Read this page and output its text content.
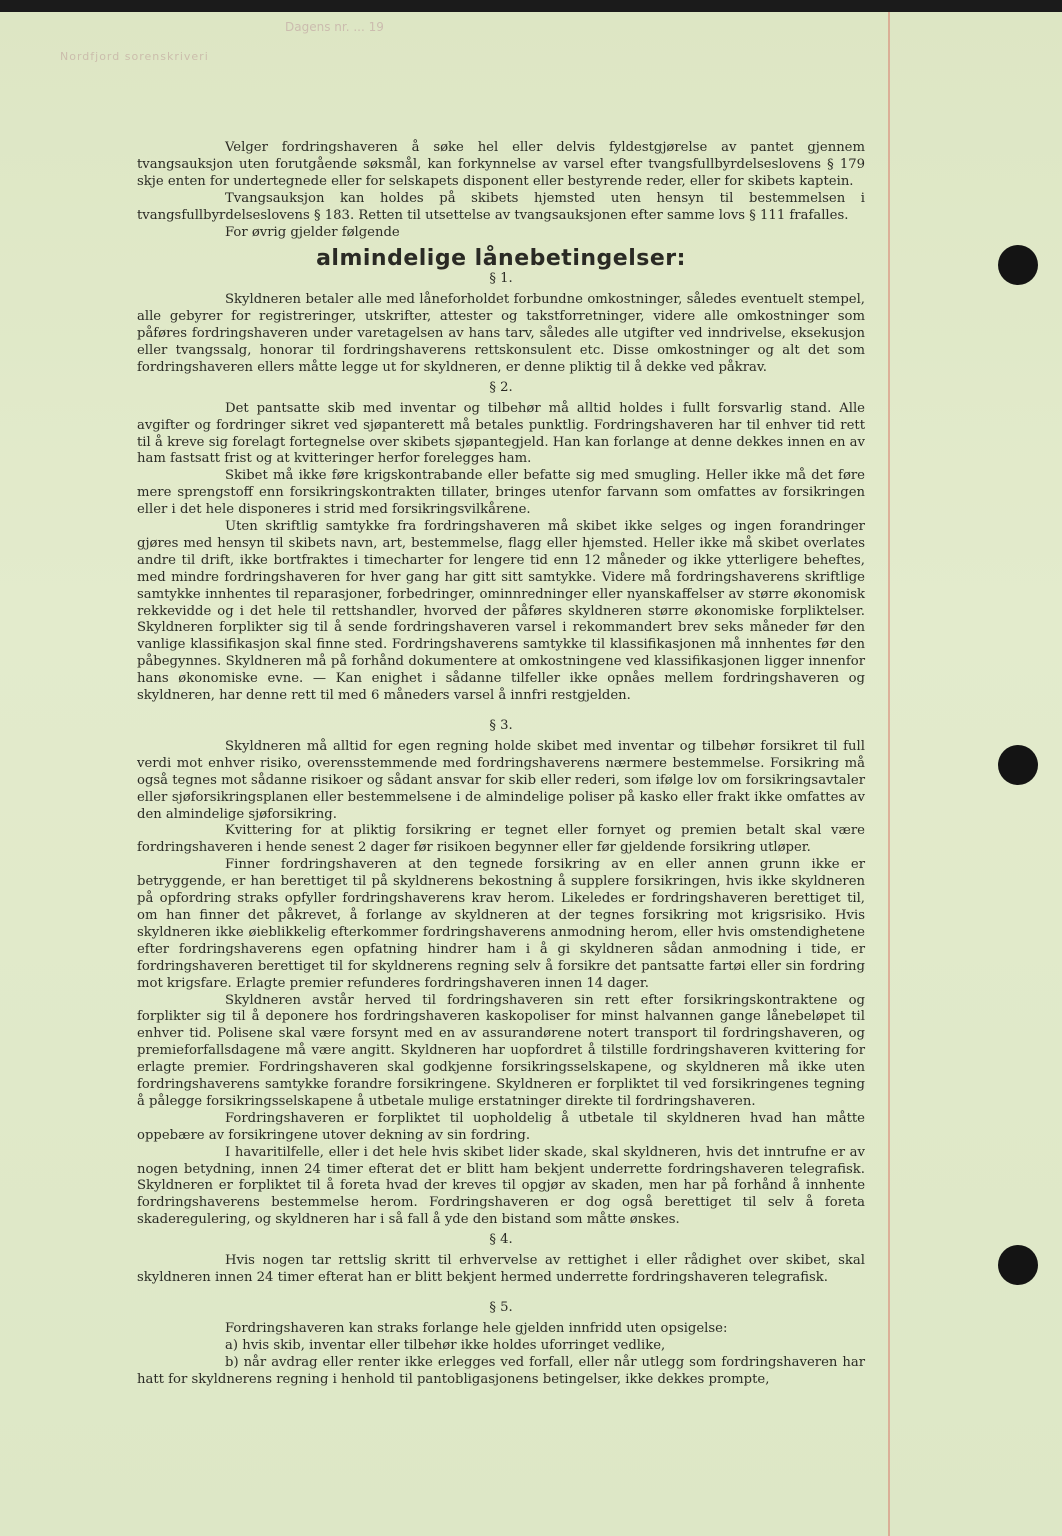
Dagens nr. ... 19
Nordfjord sorenskriveri

Velger fordringshaveren å søke hel eller delvis fyldestgjørelse av pantet gjennem tvangsauksjon uten forutgående søksmål, kan forkynnelse av varsel efter tvangsfullbyrdelseslovens § 179 skje enten for undertegnede eller for selskapets disponent eller bestyrende reder, eller for skibets kaptein.

Tvangsauksjon kan holdes på skibets hjemsted uten hensyn til bestemmelsen i tvangsfullbyrdelseslovens § 183. Retten til utsettelse av tvangsauksjonen efter samme lovs § 111 frafalles.

For øvrig gjelder følgende

almindelige lånebetingelser:
§ 1.

Skyldneren betaler alle med låneforholdet forbundne omkostninger, således eventuelt stempel, alle gebyrer for registreringer, utskrifter, attester og takstforretninger, videre alle omkostninger som påføres fordringshaveren under varetagelsen av hans tarv, således alle utgifter ved inndrivelse, eksekusjon eller tvangssalg, honorar til fordringshaverens rettskonsulent etc. Disse omkostninger og alt det som fordringshaveren ellers måtte legge ut for skyldneren, er denne pliktig til å dekke ved påkrav.

§ 2.

Det pantsatte skib med inventar og tilbehør må alltid holdes i fullt forsvarlig stand. Alle avgifter og fordringer sikret ved sjøpanterett må betales punktlig. Fordringshaveren har til enhver tid rett til å kreve sig forelagt fortegnelse over skibets sjøpantegjeld. Han kan forlange at denne dekkes innen en av ham fastsatt frist og at kvitteringer herfor forelegges ham.

Skibet må ikke føre krigskontrabande eller befatte sig med smugling. Heller ikke må det føre mere sprengstoff enn forsikringskontrakten tillater, bringes utenfor farvann som omfattes av forsikringen eller i det hele disponeres i strid med forsikringsvilkårene.

Uten skriftlig samtykke fra fordringshaveren må skibet ikke selges og ingen forandringer gjøres med hensyn til skibets navn, art, bestemmelse, flagg eller hjemsted. Heller ikke må skibet overlates andre til drift, ikke bortfraktes i timecharter for lengere tid enn 12 måneder og ikke ytterligere beheftes, med mindre fordringshaveren for hver gang har gitt sitt samtykke. Videre må fordringshaverens skriftlige samtykke innhentes til reparasjoner, forbedringer, ominnredninger eller nyanskaffelser av større økonomisk rekkevidde og i det hele til rettshandler, hvorved der påføres skyldneren større økonomiske forpliktelser. Skyldneren forplikter sig til å sende fordringshaveren varsel i rekommandert brev seks måneder før den vanlige klassifikasjon skal finne sted. Fordringshaverens samtykke til klassifikasjonen må innhentes før den påbegynnes. Skyldneren må på forhånd dokumentere at omkostningene ved klassifikasjonen ligger innenfor hans økonomiske evne. — Kan enighet i sådanne tilfeller ikke opnåes mellem fordringshaveren og skyldneren, har denne rett til med 6 måneders varsel å innfri restgjelden.

§ 3.

Skyldneren må alltid for egen regning holde skibet med inventar og tilbehør forsikret til full verdi mot enhver risiko, overensstemmende med fordringshaverens nærmere bestemmelse. Forsikring må også tegnes mot sådanne risikoer og sådant ansvar for skib eller rederi, som ifølge lov om forsikringsavtaler eller sjøforsikringsplanen eller bestemmelsene i de almindelige poliser på kasko eller frakt ikke omfattes av den almindelige sjøforsikring.

Kvittering for at pliktig forsikring er tegnet eller fornyet og premien betalt skal være fordringshaveren i hende senest 2 dager før risikoen begynner eller før gjeldende forsikring utløper.

Finner fordringshaveren at den tegnede forsikring av en eller annen grunn ikke er betryggende, er han berettiget til på skyldnerens bekostning å supplere forsikringen, hvis ikke skyldneren på opfordring straks opfyller fordringshaverens krav herom. Likeledes er fordringshaveren berettiget til, om han finner det påkrevet, å forlange av skyldneren at der tegnes forsikring mot krigsrisiko. Hvis skyldneren ikke øieblikkelig efterkommer fordringshaverens anmodning herom, eller hvis omstendighetene efter fordringshaverens egen opfatning hindrer ham i å gi skyldneren sådan anmodning i tide, er fordringshaveren berettiget til for skyldnerens regning selv å forsikre det pantsatte fartøi eller sin fordring mot krigsfare. Erlagte premier refunderes fordringshaveren innen 14 dager.

Skyldneren avstår herved til fordringshaveren sin rett efter forsikringskontraktene og forplikter sig til å deponere hos fordringshaveren kaskopoliser for minst halvannen gange lånebeløpet til enhver tid. Polisene skal være forsynt med en av assurandørene notert transport til fordringshaveren, og premieforfallsdagene må være angitt. Skyldneren har uopfordret å tilstille fordringshaveren kvittering for erlagte premier. Fordringshaveren skal godkjenne forsikringsselskapene, og skyldneren må ikke uten fordringshaverens samtykke forandre forsikringene. Skyldneren er forpliktet til ved forsikringenes tegning å pålegge forsikringsselskapene å utbetale mulige erstatninger direkte til fordringshaveren.

Fordringshaveren er forpliktet til uopholdelig å utbetale til skyldneren hvad han måtte oppebære av forsikringene utover dekning av sin fordring.

I havaritilfelle, eller i det hele hvis skibet lider skade, skal skyldneren, hvis det inntrufne er av nogen betydning, innen 24 timer efterat det er blitt ham bekjent underrette fordringshaveren telegrafisk. Skyldneren er forpliktet til å foreta hvad der kreves til opgjør av skaden, men har på forhånd å innhente fordringshaverens bestemmelse herom. Fordringshaveren er dog også berettiget til selv å foreta skaderegulering, og skyldneren har i så fall å yde den bistand som måtte ønskes.

§ 4.

Hvis nogen tar rettslig skritt til erhvervelse av rettighet i eller rådighet over skibet, skal skyldneren innen 24 timer efterat han er blitt bekjent hermed underrette fordringshaveren telegrafisk.

§ 5.

Fordringshaveren kan straks forlange hele gjelden innfridd uten opsigelse:

a) hvis skib, inventar eller tilbehør ikke holdes uforringet vedlike,

b) når avdrag eller renter ikke erlegges ved forfall, eller når utlegg som fordringshaveren har hatt for skyldnerens regning i henhold til pantobligasjonens betingelser, ikke dekkes prompte,
